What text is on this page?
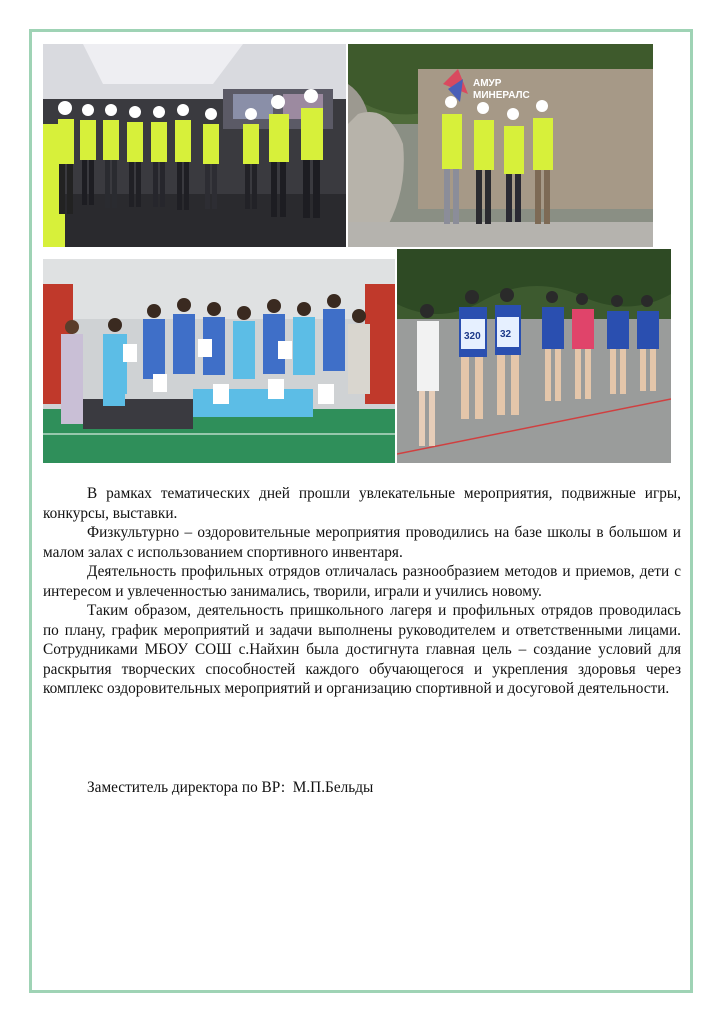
АМУР
МИНЕРАЛС
320 32

В рамках тематических дней прошли увлекательные мероприятия, подвижные игры, конкурсы, выставки.

Физкультурно – оздоровительные мероприятия проводились на базе школы в большом и малом залах с использованием спортивного инвентаря.

Деятельность профильных отрядов отличалась разнообразием методов и приемов, дети с интересом и увлеченностью занимались, творили, играли и учились новому.

Таким образом, деятельность пришкольного лагеря и профильных отрядов проводилась по плану, график мероприятий и задачи выполнены руководителем и ответственными лицами. Сотрудниками МБОУ СОШ с.Найхин была достигнута главная цель – создание условий для раскрытия творческих способностей каждого обучающегося и укрепления здоровья через комплекс оздоровительных мероприятий и организацию спортивной и досуговой деятельности.

Заместитель директора по ВР:  М.П.Бельды
